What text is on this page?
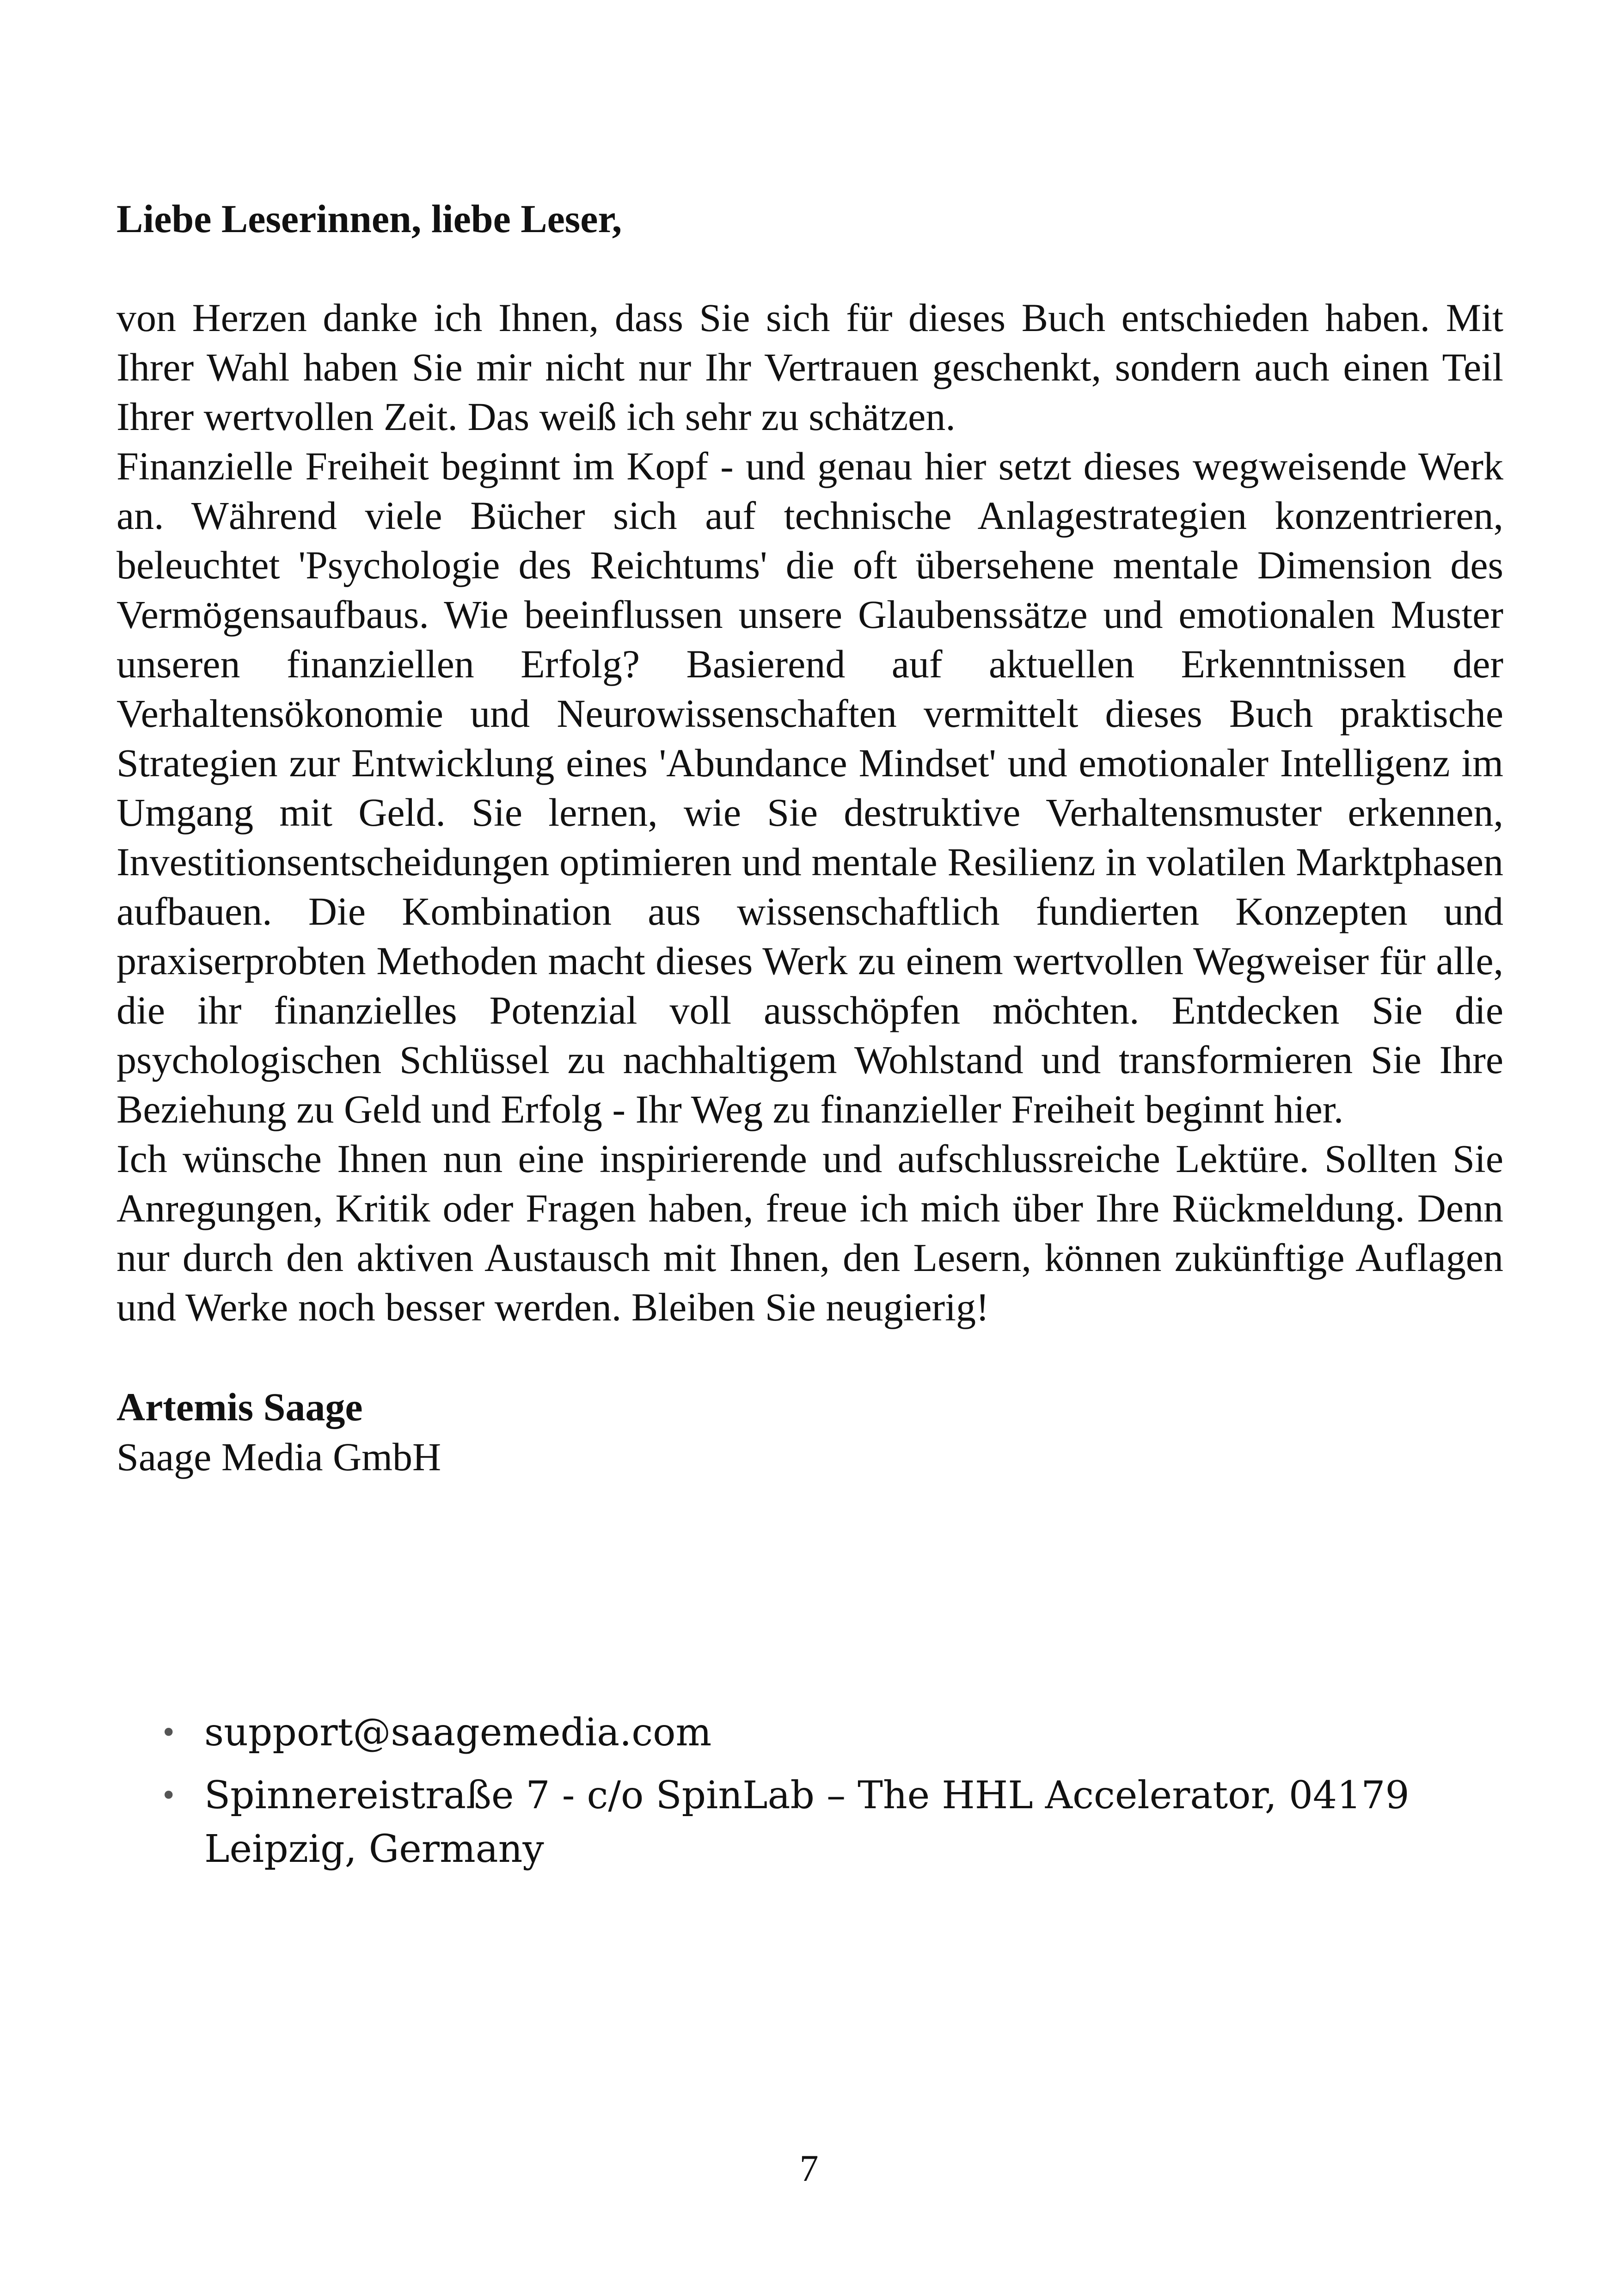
Liebe Leserinnen, liebe Leser,

von Herzen danke ich Ihnen, dass Sie sich für dieses Buch entschieden haben. Mit Ihrer Wahl haben Sie mir nicht nur Ihr Vertrauen geschenkt, sondern auch einen Teil Ihrer wertvollen Zeit. Das weiß ich sehr zu schätzen.

Finanzielle Freiheit beginnt im Kopf - und genau hier setzt dieses wegweisende Werk an. Während viele Bücher sich auf technische Anlagestrategien konzentrieren, beleuchtet 'Psychologie des Reichtums' die oft übersehene mentale Dimension des Vermögensaufbaus. Wie beeinflussen unsere Glaubenssätze und emotionalen Muster unseren finanziellen Erfolg? Basierend auf aktuellen Erkenntnissen der Verhaltensökonomie und Neurowissenschaften vermittelt dieses Buch praktische Strategien zur Entwicklung eines 'Abundance Mindset' und emotionaler Intelligenz im Umgang mit Geld. Sie lernen, wie Sie destruktive Verhaltensmuster erkennen, Investitionsentscheidungen optimieren und mentale Resilienz in volatilen Marktphasen aufbauen. Die Kombination aus wissenschaftlich fundierten Konzepten und praxiserprobten Methoden macht dieses Werk zu einem wertvollen Wegweiser für alle, die ihr finanzielles Potenzial voll ausschöpfen möchten. Entdecken Sie die psychologischen Schlüssel zu nachhaltigem Wohlstand und transformieren Sie Ihre Beziehung zu Geld und Erfolg - Ihr Weg zu finanzieller Freiheit beginnt hier.

Ich wünsche Ihnen nun eine inspirierende und aufschlussreiche Lektüre. Sollten Sie Anregungen, Kritik oder Fragen haben, freue ich mich über Ihre Rückmeldung. Denn nur durch den aktiven Austausch mit Ihnen, den Lesern, können zukünftige Auflagen und Werke noch besser werden. Bleiben Sie neugierig!

Artemis Saage
Saage Media GmbH
• support@saagemedia.com
• Spinnereistraße 7 - c/o SpinLab – The HHL Accelerator, 04179 Leipzig, Germany
7
